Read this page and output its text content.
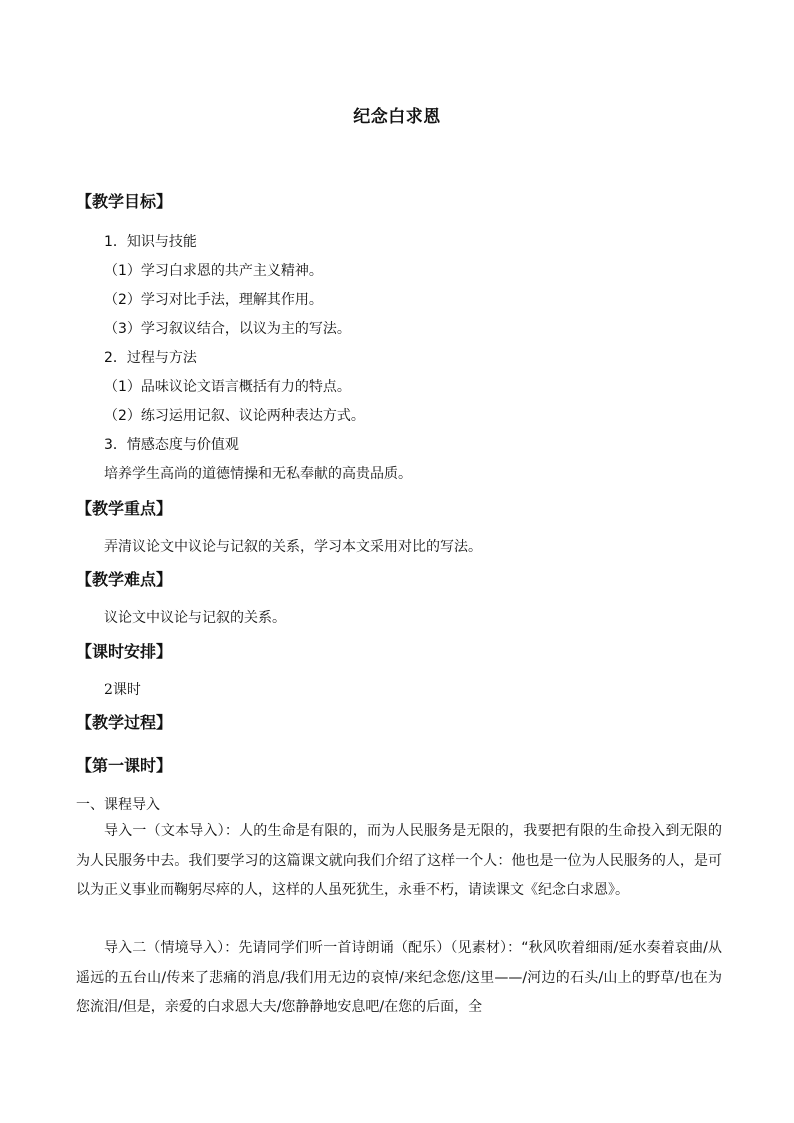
纪念白求恩
【教学目标】
1．知识与技能
（1）学习白求恩的共产主义精神。
（2）学习对比手法，理解其作用。
（3）学习叙议结合，以议为主的写法。
2．过程与方法
（1）品味议论文语言概括有力的特点。
（2）练习运用记叙、议论两种表达方式。
3．情感态度与价值观
培养学生高尚的道德情操和无私奉献的高贵品质。
【教学重点】
弄清议论文中议论与记叙的关系，学习本文采用对比的写法。
【教学难点】
议论文中议论与记叙的关系。
【课时安排】
2课时
【教学过程】
【第一课时】
一、课程导入

导入一（文本导入）：人的生命是有限的，而为人民服务是无限的，我要把有限的生命投入到无限的为人民服务中去。我们要学习的这篇课文就向我们介绍了这样一个人：他也是一位为人民服务的人，是可以为正义事业而鞠躬尽瘁的人，这样的人虽死犹生，永垂不朽，请读课文《纪念白求恩》。

导入二（情境导入）：先请同学们听一首诗朗诵（配乐）（见素材）：“秋风吹着细雨/延水奏着哀曲/从遥远的五台山/传来了悲痛的消息/我们用无边的哀悼/来纪念您/这里——/河边的石头/山上的野草/也在为您流泪/但是，亲爱的白求恩大夫/您静静地安息吧/在您的后面，全
